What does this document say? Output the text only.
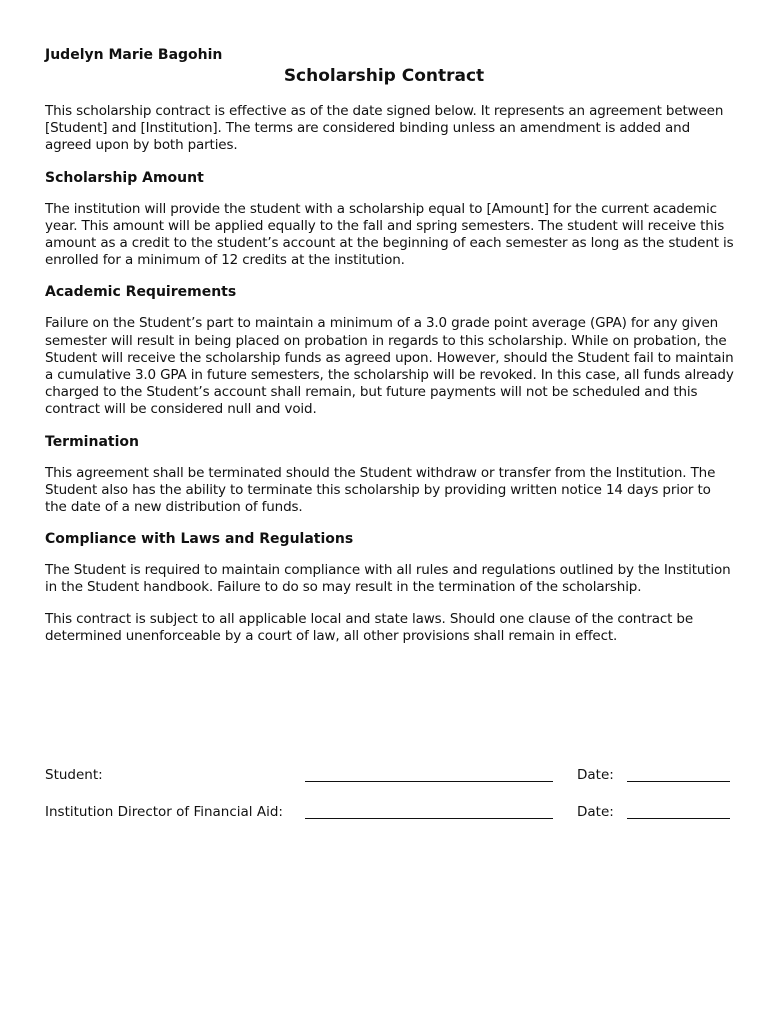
Judelyn Marie Bagohin
Scholarship Contract

This scholarship contract is effective as of the date signed below. It represents an agreement between [Student] and [Institution]. The terms are considered binding unless an amendment is added and agreed upon by both parties.

Scholarship Amount

The institution will provide the student with a scholarship equal to [Amount] for the current academic year. This amount will be applied equally to the fall and spring semesters. The student will receive this amount as a credit to the student’s account at the beginning of each semester as long as the student is enrolled for a minimum of 12 credits at the institution.

Academic Requirements

Failure on the Student’s part to maintain a minimum of a 3.0 grade point average (GPA) for any given semester will result in being placed on probation in regards to this scholarship. While on probation, the Student will receive the scholarship funds as agreed upon. However, should the Student fail to maintain a cumulative 3.0 GPA in future semesters, the scholarship will be revoked. In this case, all funds already charged to the Student’s account shall remain, but future payments will not be scheduled and this contract will be considered null and void.

Termination

This agreement shall be terminated should the Student withdraw or transfer from the Institution. The Student also has the ability to terminate this scholarship by providing written notice 14 days prior to the date of a new distribution of funds.

Compliance with Laws and Regulations

The Student is required to maintain compliance with all rules and regulations outlined by the Institution in the Student handbook. Failure to do so may result in the termination of the scholarship.

This contract is subject to all applicable local and state laws. Should one clause of the contract be determined unenforceable by a court of law, all other provisions shall remain in effect.

Student:	Date:
Institution Director of Financial Aid:	Date:
